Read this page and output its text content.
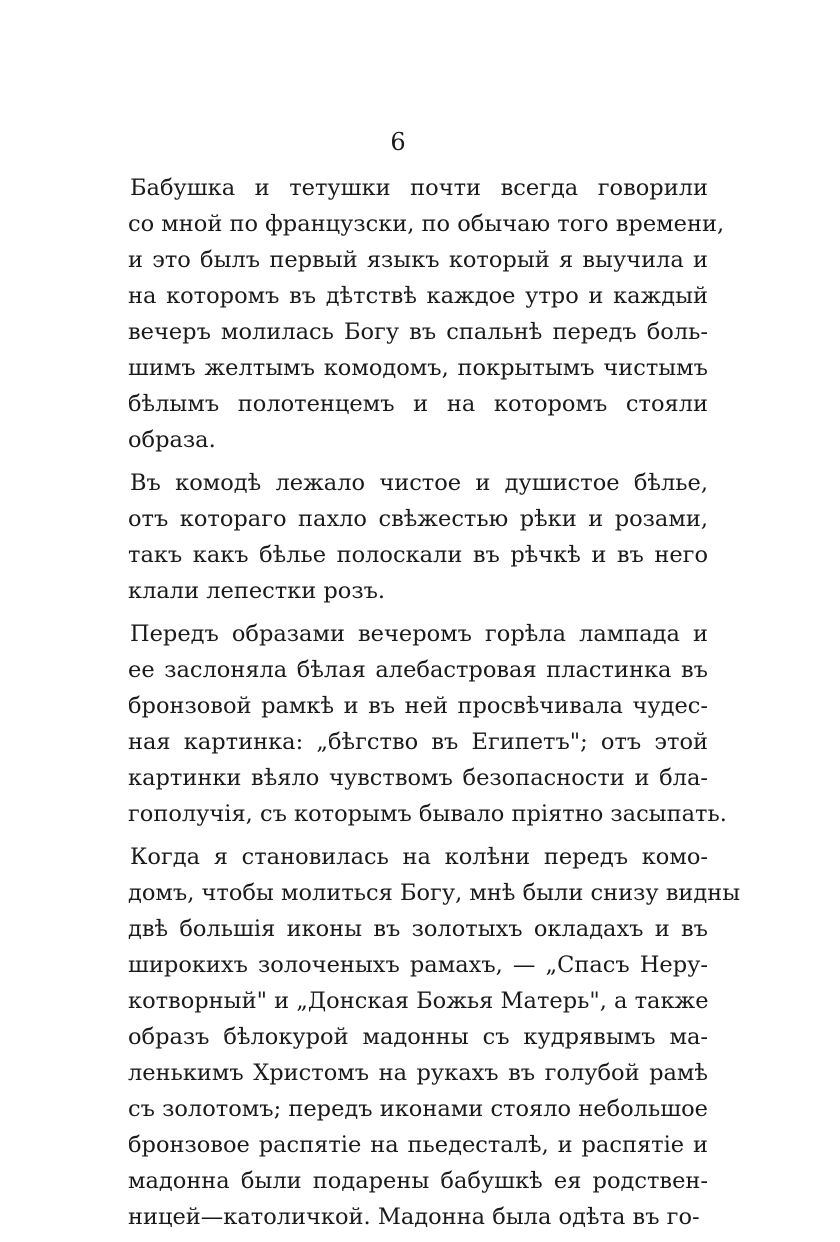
6
Бабушка и тетушки почти всегда говорили
со мной по французски, по обычаю того времени,
и это былъ первый языкъ который я выучила и
на которомъ въ дѣтствѣ каждое утро и каждый
вечеръ молилась Богу въ спальнѣ передъ боль-
шимъ желтымъ комодомъ, покрытымъ чистымъ
бѣлымъ полотенцемъ и на которомъ стояли
образа.
Въ комодѣ лежало чистое и душистое бѣлье,
отъ котораго пахло свѣжестью рѣки и розами,
такъ какъ бѣлье полоскали въ рѣчкѣ и въ него
клали лепестки розъ.
Передъ образами вечеромъ горѣла лампада и
ее заслоняла бѣлая алебастровая пластинка въ
бронзовой рамкѣ и въ ней просвѣчивала чудес-
ная картинка: „бѣгство въ Египетъ"; отъ этой
картинки вѣяло чувствомъ безопасности и бла-
гополучія, съ которымъ бывало пріятно засыпать.
Когда я становилась на колѣни передъ комо-
домъ, чтобы молиться Богу, мнѣ были снизу видны
двѣ большія иконы въ золотыхъ окладахъ и въ
широкихъ золоченыхъ рамахъ, — „Спасъ Неру-
котворный" и „Донская Божья Матерь", а также
образъ бѣлокурой мадонны съ кудрявымъ ма-
ленькимъ Христомъ на рукахъ въ голубой рамѣ
съ золотомъ; передъ иконами стояло небольшое
бронзовое распятіе на пьедесталѣ, и распятіе и
мадонна были подарены бабушкѣ ея родствен-
ницей—католичкой. Мадонна была одѣта въ го-
